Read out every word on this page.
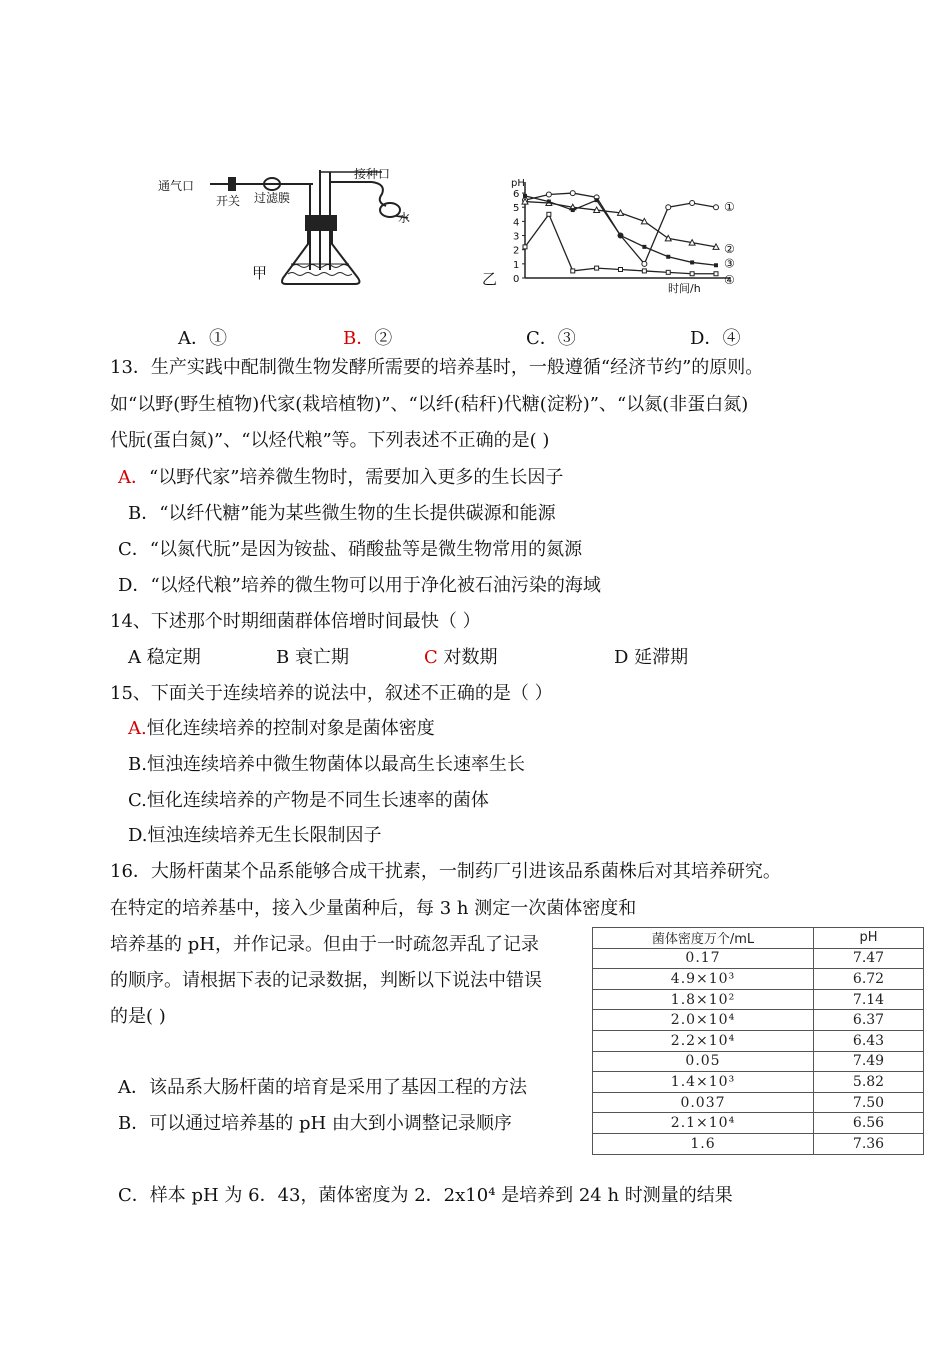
通气口
开关 过滤膜
接种口
水
甲	乙
pH
时间/h
0
1
2
3
4
5
6
①
②
③
④
A．①	B．②	C．③	D．④
13．生产实践中配制微生物发酵所需要的培养基时，一般遵循“经济节约”的原则。
如“以野(野生植物)代家(栽培植物)”、“以纤(秸秆)代糖(淀粉)”、“以氮(非蛋白氮)
代朊(蛋白氮)”、“以烃代粮”等。下列表述不正确的是( )
A．“以野代家”培养微生物时，需要加入更多的生长因子
B．“以纤代糖”能为某些微生物的生长提供碳源和能源
C．“以氮代朊”是因为铵盐、硝酸盐等是微生物常用的氮源
D．“以烃代粮”培养的微生物可以用于净化被石油污染的海域
14、下述那个时期细菌群体倍增时间最快（ ）
A 稳定期	B 衰亡期	C 对数期	D 延滞期
15、下面关于连续培养的说法中，叙述不正确的是（ ）
A.恒化连续培养的控制对象是菌体密度
B.恒浊连续培养中微生物菌体以最高生长速率生长
C.恒化连续培养的产物是不同生长速率的菌体
D.恒浊连续培养无生长限制因子
16．大肠杆菌某个品系能够合成干扰素，一制药厂引进该品系菌株后对其培养研究。
在特定的培养基中，接入少量菌种后，每 3 h 测定一次菌体密度和
培养基的 pH，并作记录。但由于一时疏忽弄乱了记录
的顺序。请根据下表的记录数据，判断以下说法中错误
的是( )
菌体密度万个/mL	pH
0.17	7.47
4.9×10³	6.72
1.8×10²	7.14
2.0×10⁴	6.37
2.2×10⁴	6.43
0.05	7.49
1.4×10³	5.82
0.037	7.50
2.1×10⁴	6.56
1.6	7.36
A．该品系大肠杆菌的培育是采用了基因工程的方法
B．可以通过培养基的 pH 由大到小调整记录顺序
C．样本 pH 为 6．43，菌体密度为 2．2x10⁴ 是培养到 24 h 时测量的结果
